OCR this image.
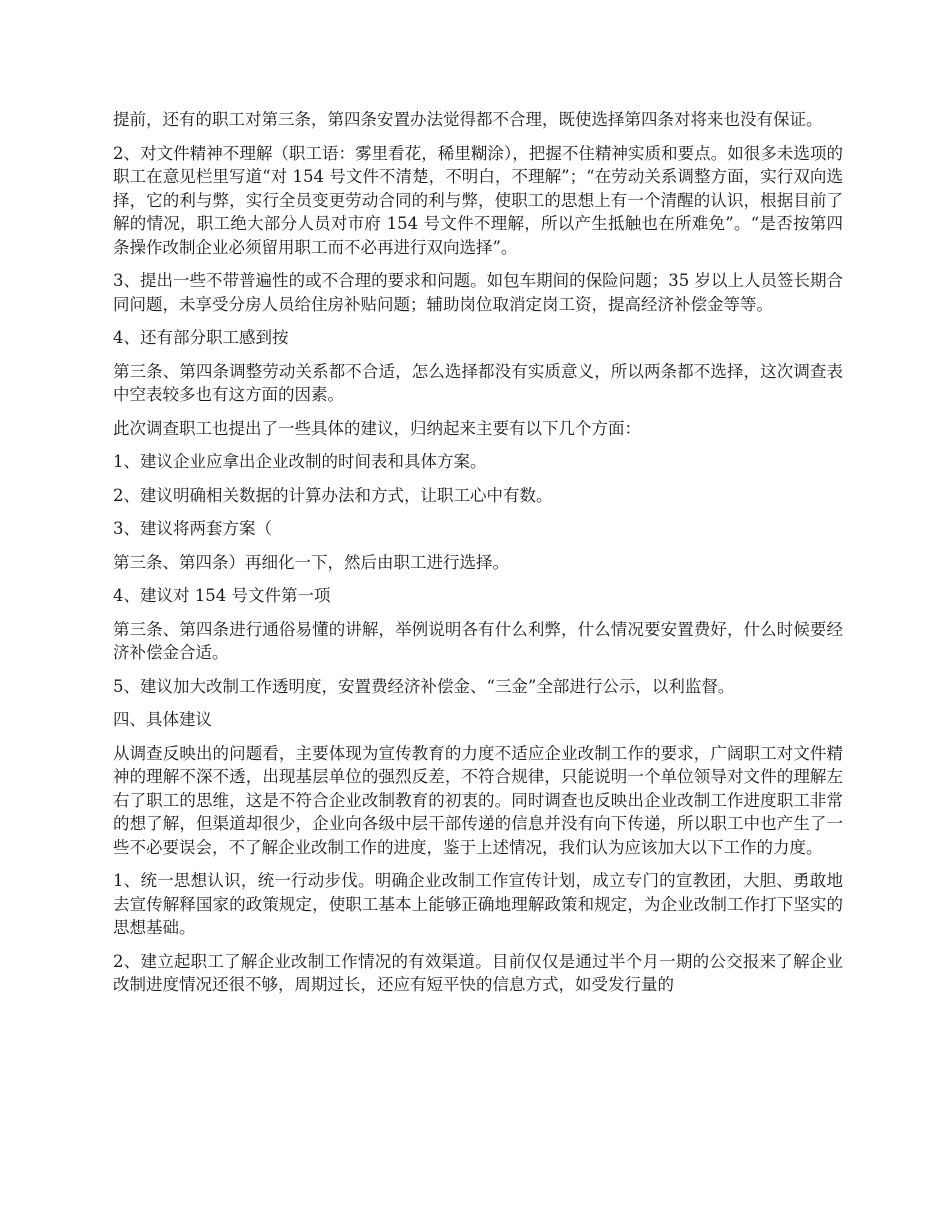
提前，还有的职工对第三条，第四条安置办法觉得都不合理，既使选择第四条对将来也没有保证。

2、对文件精神不理解（职工语：雾里看花，稀里糊涂），把握不住精神实质和要点。如很多未选项的职工在意见栏里写道“对 154 号文件不清楚，不明白，不理解”；“在劳动关系调整方面，实行双向选择，它的利与弊，实行全员变更劳动合同的利与弊，使职工的思想上有一个清醒的认识，根据目前了解的情况，职工绝大部分人员对市府 154 号文件不理解，所以产生抵触也在所难免”。“是否按第四条操作改制企业必须留用职工而不必再进行双向选择”。

3、提出一些不带普遍性的或不合理的要求和问题。如包车期间的保险问题；35 岁以上人员签长期合同问题，未享受分房人员给住房补贴问题；辅助岗位取消定岗工资，提高经济补偿金等等。

4、还有部分职工感到按

第三条、第四条调整劳动关系都不合适，怎么选择都没有实质意义，所以两条都不选择，这次调查表中空表较多也有这方面的因素。

此次调查职工也提出了一些具体的建议，归纳起来主要有以下几个方面：

1、建议企业应拿出企业改制的时间表和具体方案。

2、建议明确相关数据的计算办法和方式，让职工心中有数。

3、建议将两套方案（

第三条、第四条）再细化一下，然后由职工进行选择。

4、建议对 154 号文件第一项

第三条、第四条进行通俗易懂的讲解，举例说明各有什么利弊，什么情况要安置费好，什么时候要经济补偿金合适。

5、建议加大改制工作透明度，安置费经济补偿金、“三金”全部进行公示，以利监督。

四、具体建议

从调查反映出的问题看，主要体现为宣传教育的力度不适应企业改制工作的要求，广阔职工对文件精神的理解不深不透，出现基层单位的强烈反差，不符合规律，只能说明一个单位领导对文件的理解左右了职工的思维，这是不符合企业改制教育的初衷的。同时调查也反映出企业改制工作进度职工非常的想了解，但渠道却很少，企业向各级中层干部传递的信息并没有向下传递，所以职工中也产生了一些不必要误会，不了解企业改制工作的进度，鉴于上述情况，我们认为应该加大以下工作的力度。

1、统一思想认识，统一行动步伐。明确企业改制工作宣传计划，成立专门的宣教团，大胆、勇敢地去宣传解释国家的政策规定，使职工基本上能够正确地理解政策和规定，为企业改制工作打下坚实的思想基础。

2、建立起职工了解企业改制工作情况的有效渠道。目前仅仅是通过半个月一期的公交报来了解企业改制进度情况还很不够，周期过长，还应有短平快的信息方式，如受发行量的
